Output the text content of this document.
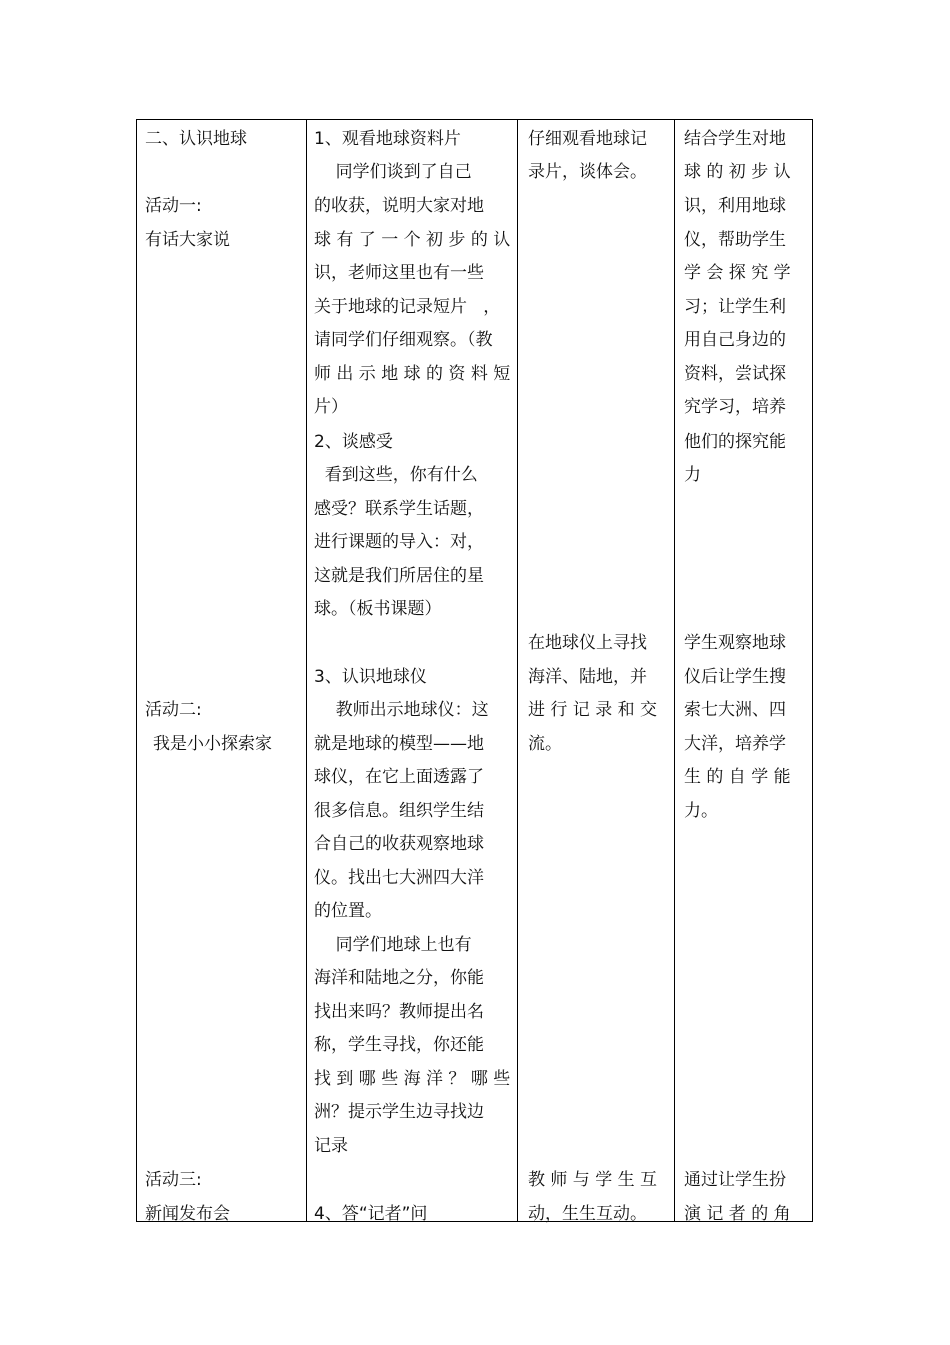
二、认识地球
活动一:
有话大家说
活动二:
我是小小探索家
活动三:
新闻发布会
1、观看地球资料片
同学们谈到了自己
的收获，说明大家对地
球 有 了 一 个 初 步 的 认
识，老师这里也有一些
关于地球的记录短片   ，
请同学们仔细观察。（教
师 出 示 地 球 的 资 料 短
片）
2、谈感受
看到这些，你有什么
感受？联系学生话题，
进行课题的导入：对，
这就是我们所居住的星
球。（板书课题）
3、认识地球仪
教师出示地球仪：这
就是地球的模型——地
球仪，在它上面透露了
很多信息。组织学生结
合自己的收获观察地球
仪。找出七大洲四大洋
的位置。
同学们地球上也有
海洋和陆地之分，你能
找出来吗？教师提出名
称，学生寻找，你还能
找 到 哪 些 海 洋 ？ 哪 些
洲？提示学生边寻找边
记录
4、答“记者”问
仔细观看地球记
录片，谈体会。
在地球仪上寻找
海洋、陆地，并
进 行 记 录 和 交
流。
教 师 与 学 生 互
动，生生互动。
结合学生对地
球 的 初 步 认
识，利用地球
仪，帮助学生
学 会 探 究 学
习；让学生利
用自己身边的
资料，尝试探
究学习，培养
他们的探究能
力
学生观察地球
仪后让学生搜
索七大洲、四
大洋，培养学
生 的 自 学 能
力。
通过让学生扮
演 记 者 的 角
